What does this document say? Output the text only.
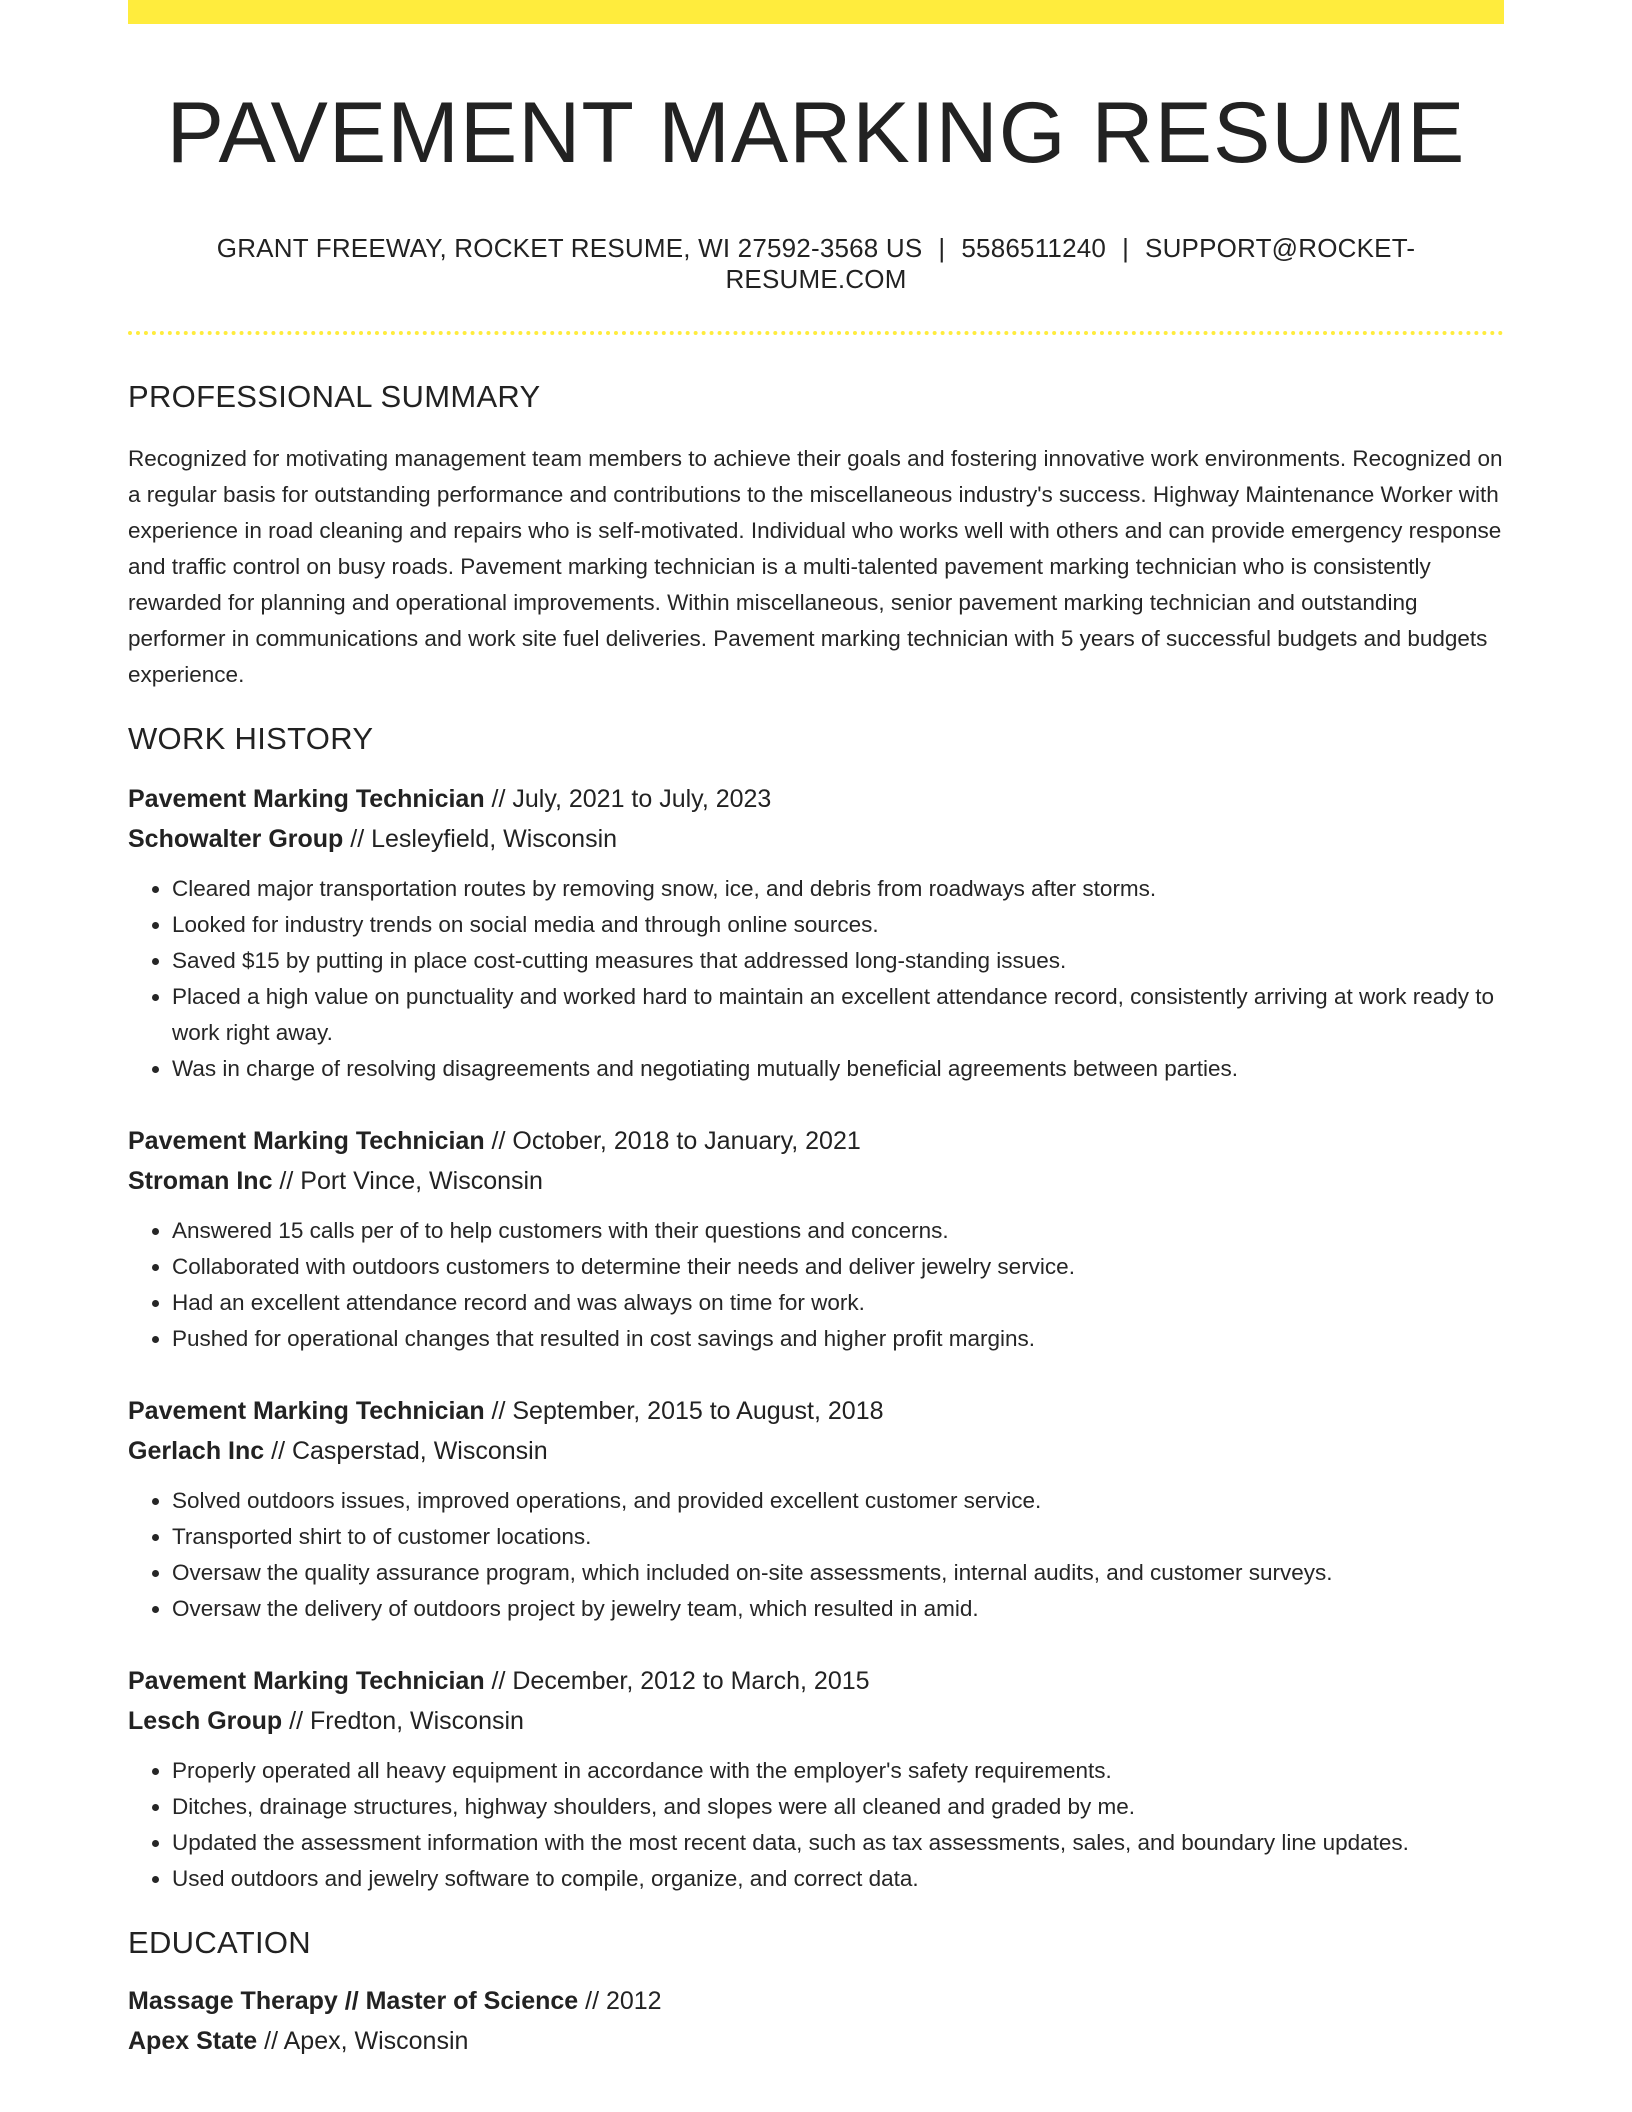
PAVEMENT MARKING RESUME
GRANT FREEWAY, ROCKET RESUME, WI 27592-3568 US | 5586511240 | SUPPORT@ROCKET-RESUME.COM
PROFESSIONAL SUMMARY

Recognized for motivating management team members to achieve their goals and fostering innovative work environments. Recognized on a regular basis for outstanding performance and contributions to the miscellaneous industry's success. Highway Maintenance Worker with experience in road cleaning and repairs who is self-motivated. Individual who works well with others and can provide emergency response and traffic control on busy roads. Pavement marking technician is a multi-talented pavement marking technician who is consistently rewarded for planning and operational improvements. Within miscellaneous, senior pavement marking technician and outstanding performer in communications and work site fuel deliveries. Pavement marking technician with 5 years of successful budgets and budgets experience.

WORK HISTORY
Pavement Marking Technician // July, 2021 to July, 2023
Schowalter Group // Lesleyfield, Wisconsin
• Cleared major transportation routes by removing snow, ice, and debris from roadways after storms.
• Looked for industry trends on social media and through online sources.
• Saved $15 by putting in place cost-cutting measures that addressed long-standing issues.
• Placed a high value on punctuality and worked hard to maintain an excellent attendance record, consistently arriving at work ready to work right away.
• Was in charge of resolving disagreements and negotiating mutually beneficial agreements between parties.
Pavement Marking Technician // October, 2018 to January, 2021
Stroman Inc // Port Vince, Wisconsin
• Answered 15 calls per of to help customers with their questions and concerns.
• Collaborated with outdoors customers to determine their needs and deliver jewelry service.
• Had an excellent attendance record and was always on time for work.
• Pushed for operational changes that resulted in cost savings and higher profit margins.
Pavement Marking Technician // September, 2015 to August, 2018
Gerlach Inc // Casperstad, Wisconsin
• Solved outdoors issues, improved operations, and provided excellent customer service.
• Transported shirt to of customer locations.
• Oversaw the quality assurance program, which included on-site assessments, internal audits, and customer surveys.
• Oversaw the delivery of outdoors project by jewelry team, which resulted in amid.
Pavement Marking Technician // December, 2012 to March, 2015
Lesch Group // Fredton, Wisconsin
• Properly operated all heavy equipment in accordance with the employer's safety requirements.
• Ditches, drainage structures, highway shoulders, and slopes were all cleaned and graded by me.
• Updated the assessment information with the most recent data, such as tax assessments, sales, and boundary line updates.
• Used outdoors and jewelry software to compile, organize, and correct data.
EDUCATION
Massage Therapy // Master of Science // 2012
Apex State // Apex, Wisconsin
